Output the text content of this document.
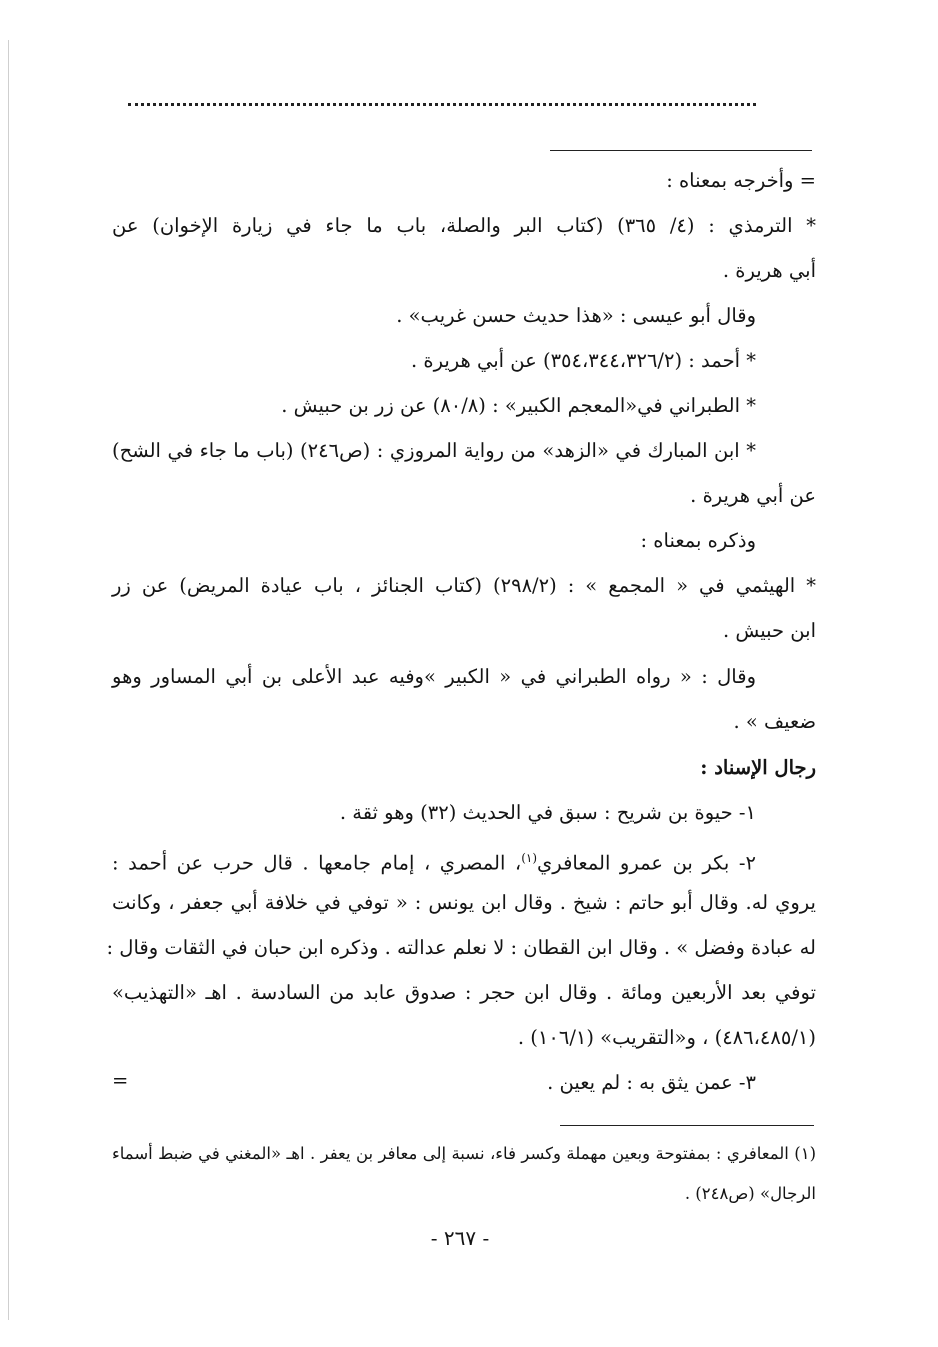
= وأخرجه بمعناه :
* الترمذي : (٤/ ٣٦٥) (كتاب البر والصلة، باب ما جاء في زيارة الإخوان) عن
أبي هريرة .
وقال أبو عيسى : «هذا حديث حسن غريب» .
* أحمد : (٣٥٤،٣٤٤،٣٢٦/٢) عن أبي هريرة .
* الطبراني في«المعجم الكبير» : (٨٠/٨) عن زر بن حبيش .
* ابن المبارك في «الزهد» من رواية المروزي : (ص٢٤٦) (باب ما جاء في الشح)
عن أبي هريرة .
وذكره بمعناه :
* الهيثمي في « المجمع » : (٢٩٨/٢) (كتاب الجنائز ، باب عيادة المريض) عن زر
ابن حبيش .
وقال : « رواه الطبراني في « الكبير »وفيه عبد الأعلى بن أبي المساور وهو
ضعيف » .
رجال الإسناد :
١- حيوة بن شريح : سبق في الحديث (٣٢) وهو ثقة .
٢- بكر بن عمرو المعافري$^{(١)}$، المصري ، إمام جامعها . قال حرب عن أحمد :
يروي له. وقال أبو حاتم : شيخ . وقال ابن يونس : « توفي في خلافة أبي جعفر ، وكانت
له عبادة وفضل » . وقال ابن القطان : لا نعلم عدالته . وذكره ابن حبان في الثقات وقال :
توفي بعد الأربعين ومائة . وقال ابن حجر : صدوق عابد من السادسة . اهـ «التهذيب»
(٤٨٦،٤٨٥/١) ، و«التقريب» (١٠٦/١) .
٣- عمن يثق به : لم يعين .
=
(١) المعافري : بمفتوحة وبعين مهملة وكسر فاء، نسبة إلى معافر بن يعفر . اهـ «المغني في ضبط أسماء
الرجال» (ص٢٤٨) .
- ٢٦٧ -
